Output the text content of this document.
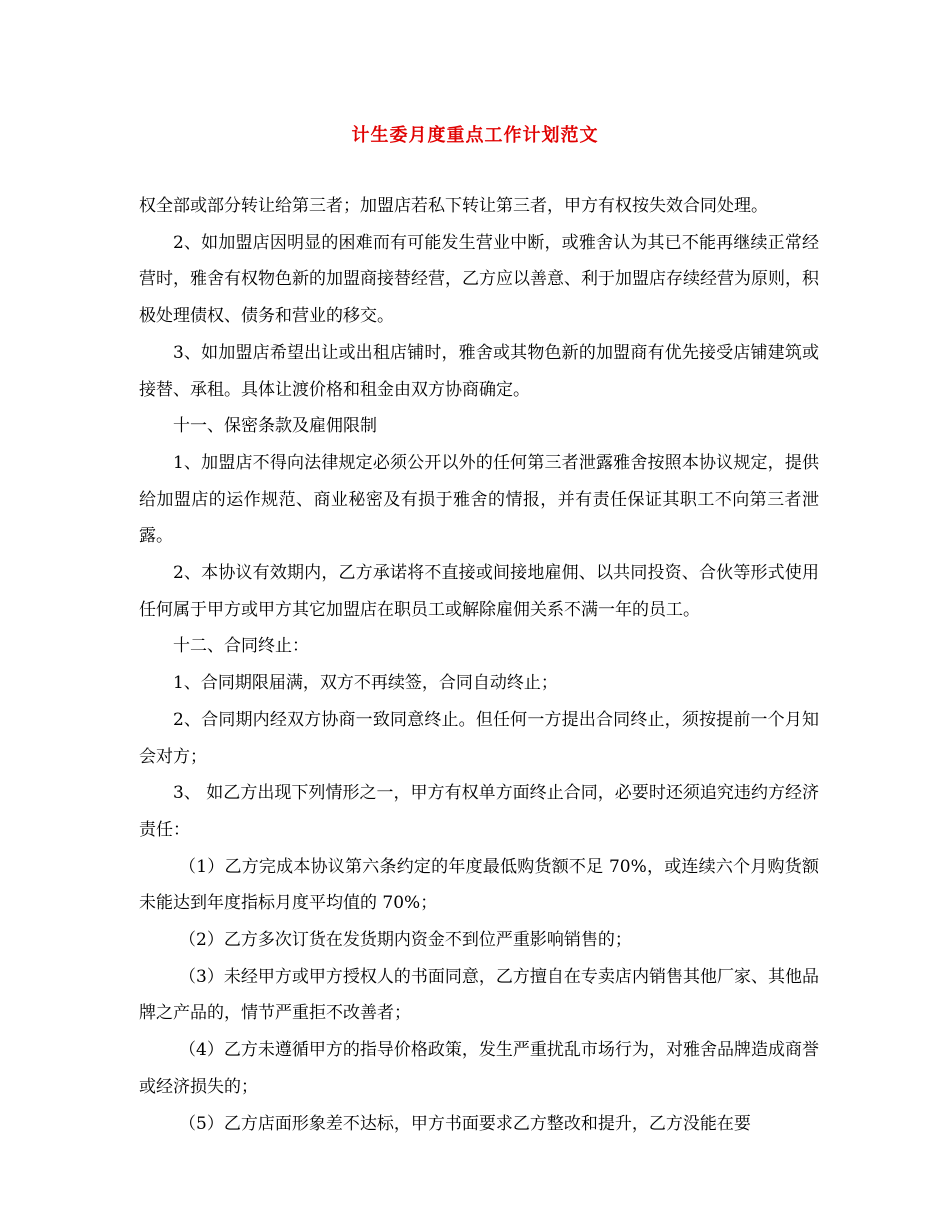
计生委月度重点工作计划范文

权全部或部分转让给第三者；加盟店若私下转让第三者，甲方有权按失效合同处理。

2、如加盟店因明显的困难而有可能发生营业中断，或雅舍认为其已不能再继续正常经营时，雅舍有权物色新的加盟商接替经营，乙方应以善意、利于加盟店存续经营为原则，积极处理债权、债务和营业的移交。

3、如加盟店希望出让或出租店铺时，雅舍或其物色新的加盟商有优先接受店铺建筑或接替、承租。具体让渡价格和租金由双方协商确定。

十一、保密条款及雇佣限制

1、加盟店不得向法律规定必须公开以外的任何第三者泄露雅舍按照本协议规定，提供给加盟店的运作规范、商业秘密及有损于雅舍的情报，并有责任保证其职工不向第三者泄露。

2、本协议有效期内，乙方承诺将不直接或间接地雇佣、以共同投资、合伙等形式使用任何属于甲方或甲方其它加盟店在职员工或解除雇佣关系不满一年的员工。

十二、合同终止：

1、合同期限届满，双方不再续签，合同自动终止；

2、合同期内经双方协商一致同意终止。但任何一方提出合同终止，须按提前一个月知会对方；

3、 如乙方出现下列情形之一，甲方有权单方面终止合同，必要时还须追究违约方经济责任：

（1）乙方完成本协议第六条约定的年度最低购货额不足 70%，或连续六个月购货额未能达到年度指标月度平均值的 70%；

（2）乙方多次订货在发货期内资金不到位严重影响销售的；

（3）未经甲方或甲方授权人的书面同意，乙方擅自在专卖店内销售其他厂家、其他品牌之产品的，情节严重拒不改善者；

（4）乙方未遵循甲方的指导价格政策，发生严重扰乱市场行为，对雅舍品牌造成商誉或经济损失的；

（5）乙方店面形象差不达标，甲方书面要求乙方整改和提升，乙方没能在要
